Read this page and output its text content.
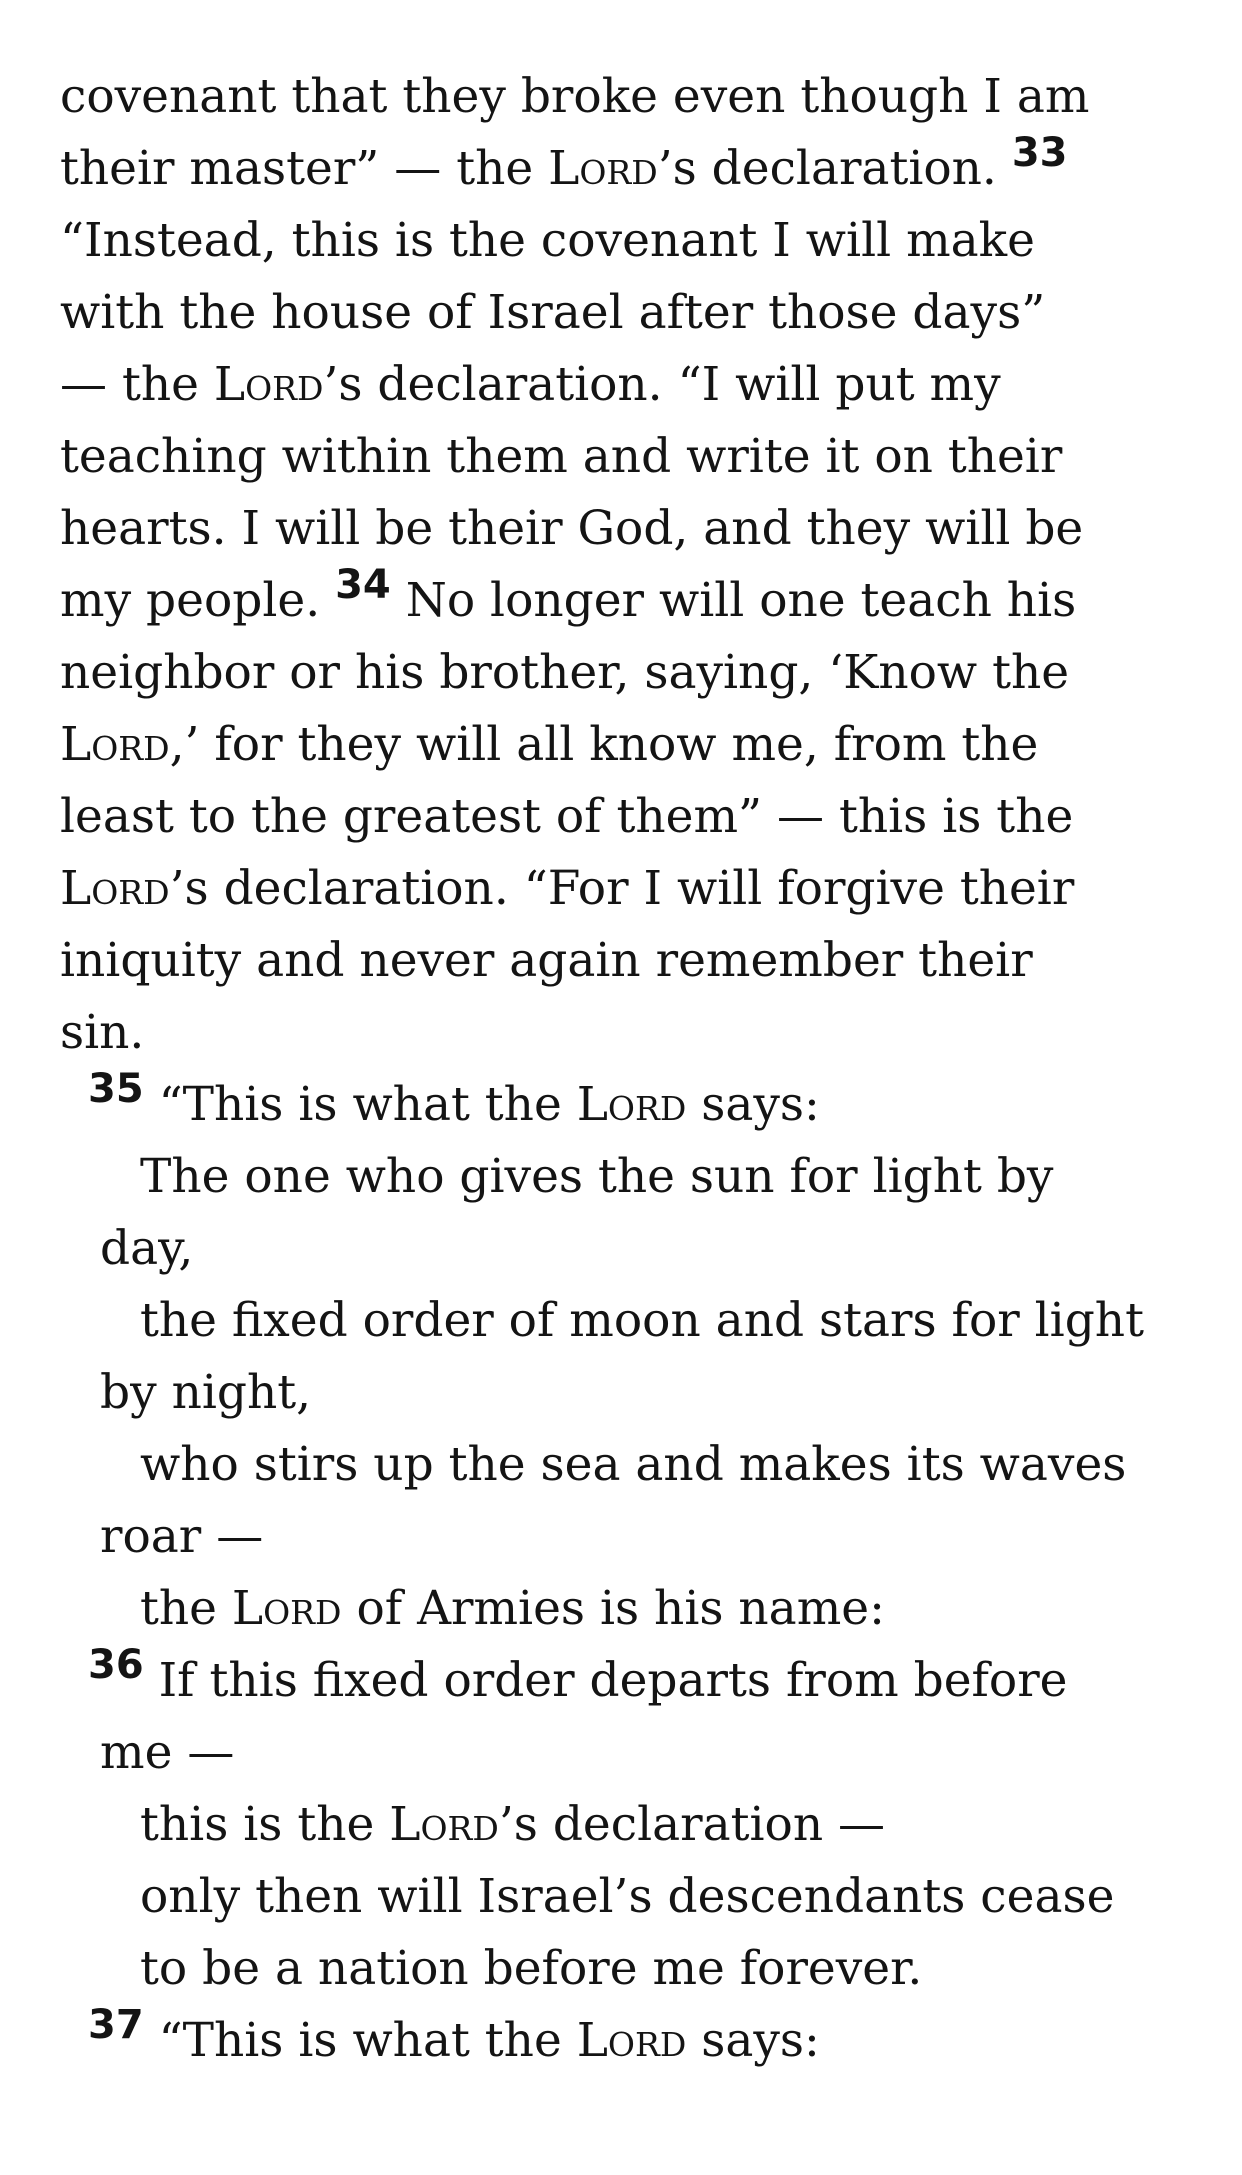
covenant that they broke even though I am

their master” — the Lord’s declaration. 33

“Instead, this is the covenant I will make

with the house of Israel after those days”

— the Lord’s declaration. “I will put my

teaching within them and write it on their

hearts. I will be their God, and they will be

my people. 34 No longer will one teach his

neighbor or his brother, saying, ‘Know the

Lord,’ for they will all know me, from the

least to the greatest of them” — this is the

Lord’s declaration. “For I will forgive their

iniquity and never again remember their

sin.

35 “This is what the Lord says:

The one who gives the sun for light by

day,

the fixed order of moon and stars for light

by night,

who stirs up the sea and makes its waves

roar —

the Lord of Armies is his name:

36 If this fixed order departs from before

me —

this is the Lord’s declaration —

only then will Israel’s descendants cease

to be a nation before me forever.

37 “This is what the Lord says:
